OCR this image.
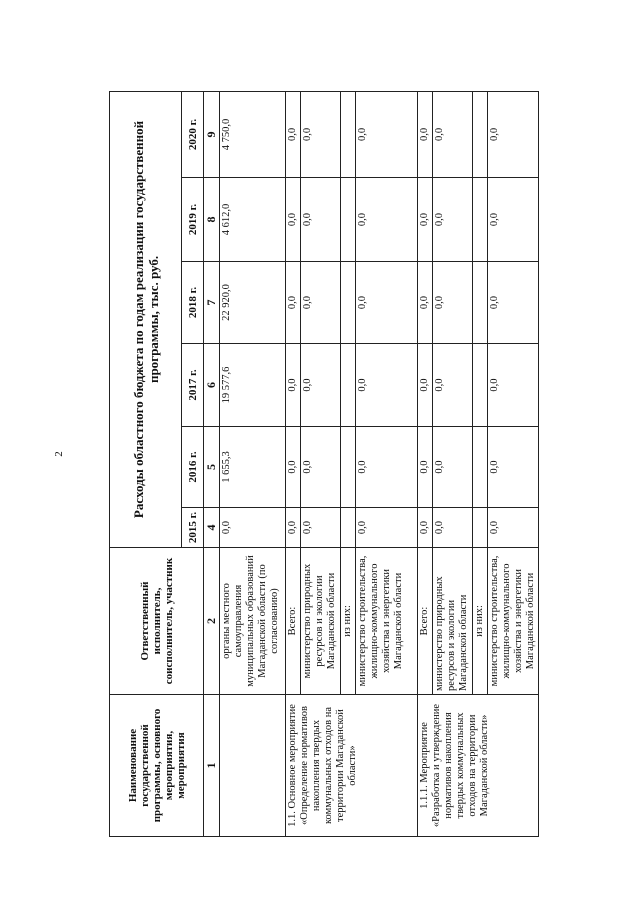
2
Наименование государственной программы, основного мероприятия, мероприятия	Ответственный исполнитель, соисполнитель, участник	Расходы областного бюджета по годам реализации государственной программы, тыс. руб.					
		2015 г.	2016 г.	2017 г.	2018 г.	2019 г.	2020 г.
1	2	4	5	6	7	8	9
	органы местного самоуправления муниципальных образований Магаданской области (по согласованию)	0,0	1 655,3	19 577,6	22 920,0	4 612,0	4 750,0
1.1. Основное мероприятие «Определение нормативов накопления твердых коммунальных отходов на территории Магаданской области»	Всего:	0,0	0,0	0,0	0,0	0,0	0,0
	министерство природных ресурсов и экологии Магаданской области	0,0	0,0	0,0	0,0	0,0	0,0
	из них:						
	министерство строительства, жилищно-коммунального хозяйства и энергетики Магаданской области	0,0	0,0	0,0	0,0	0,0	0,0
1.1.1. Мероприятие «Разработка и утверждение нормативов накопления твердых коммунальных отходов на территории Магаданской области»	Всего:	0,0	0,0	0,0	0,0	0,0	0,0
	министерство природных ресурсов и экологии Магаданской области	0,0	0,0	0,0	0,0	0,0	0,0
	из них:						
	министерство строительства, жилищно-коммунального хозяйства и энергетики Магаданской области	0,0	0,0	0,0	0,0	0,0	0,0
